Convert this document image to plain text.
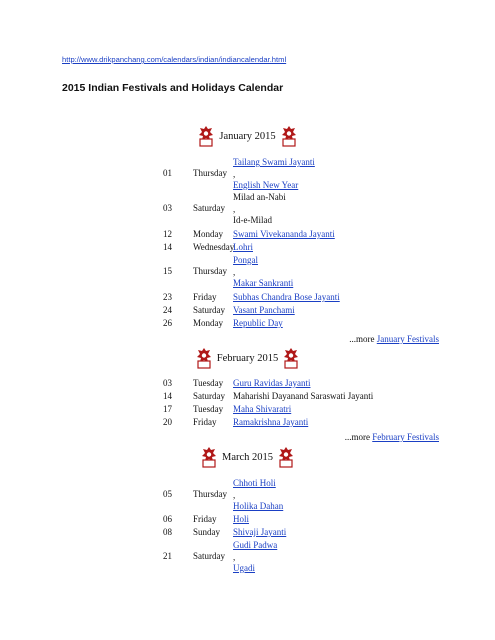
http://www.drikpanchang.com/calendars/indian/indiancalendar.html
2015 Indian Festivals and Holidays Calendar
January 2015
01 Thursday
Tailang Swami Jayanti
,
English New Year
03 Saturday
Milad an-Nabi
,
Id-e-Milad
12 Monday Swami Vivekananda Jayanti
14 Wednesday
Lohri
15 Thursday
Pongal
,
Makar Sankranti
23 Friday Subhas Chandra Bose Jayanti
24 Saturday Vasant Panchami
26 Monday Republic Day
...more January Festivals
February 2015
03 Tuesday Guru Ravidas Jayanti
14 Saturday Maharishi Dayanand Saraswati Jayanti
17 Tuesday Maha Shivaratri
20 Friday Ramakrishna Jayanti
...more February Festivals
March 2015
05 Thursday
Chhoti Holi
,
Holika Dahan
06 Friday Holi
08 Sunday Shivaji Jayanti
21 Saturday
Gudi Padwa
,
Ugadi
